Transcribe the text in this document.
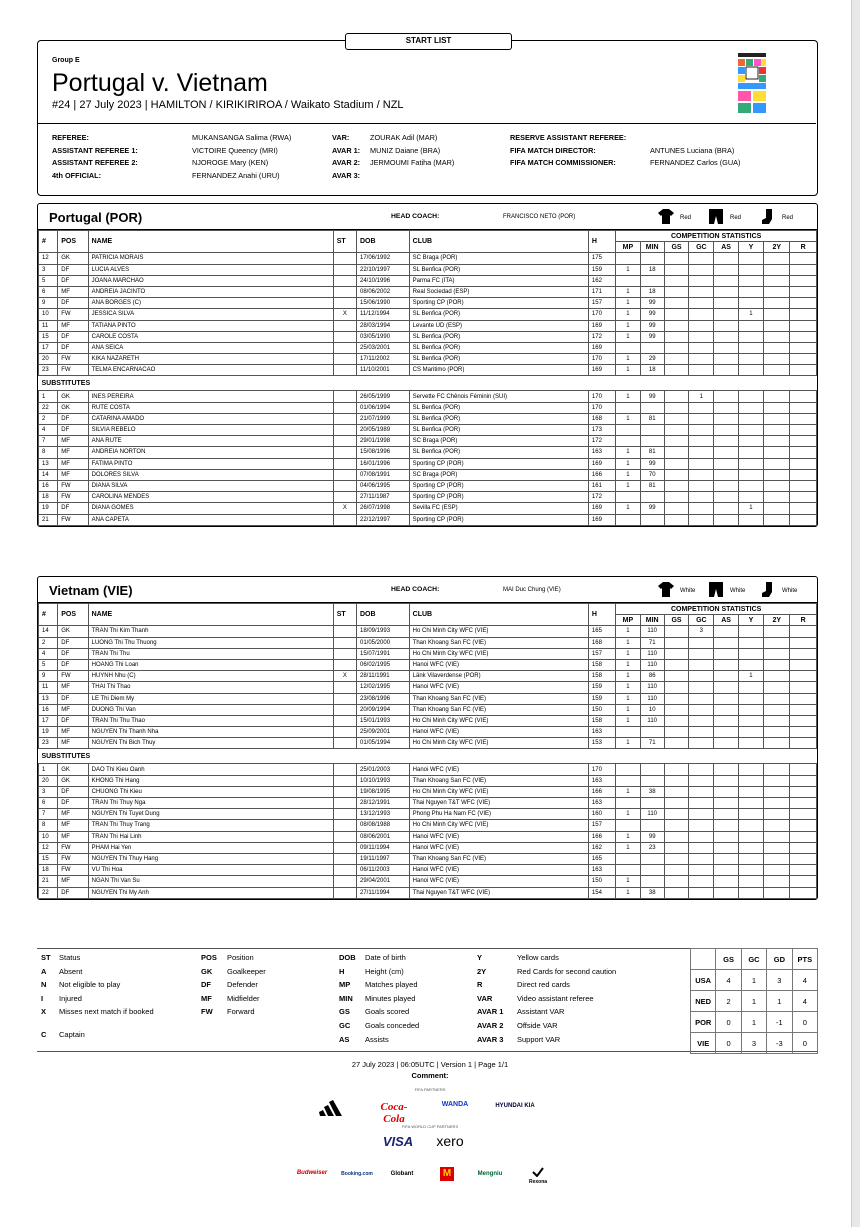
START LIST
Group E
Portugal v. Vietnam
#24 | 27 July 2023 | HAMILTON / KIRIKIRIROA / Waikato Stadium / NZL
REFEREE:	MUKANSANGA Salima (RWA)
ASSISTANT REFEREE 1:	VICTOIRE Queency (MRI)
ASSISTANT REFEREE 2:	NJOROGE Mary (KEN)
4th OFFICIAL:	FERNANDEZ Anahi (URU)
VAR:	ZOURAK Adil (MAR)
AVAR 1: MUNIZ Daiane (BRA)
AVAR 2: JERMOUMI Fatiha (MAR)
AVAR 3:
RESERVE ASSISTANT REFEREE:
FIFA MATCH DIRECTOR:	ANTUNES Luciana (BRA)
FIFA MATCH COMMISSIONER:	FERNANDEZ Carlos (GUA)
Portugal (POR)	HEAD COACH:	FRANCISCO NETO (POR)	Red	Red	Red
#	POS	NAME	ST	DOB	CLUB	H	COMPETITION STATISTICS							
							MP	MIN	GS	GC	AS	Y	2Y	R
12	GK	PATRICIA MORAIS		17/06/1992	SC Braga (POR)	175								
3	DF	LUCIA ALVES		22/10/1997	SL Benfica (POR)	159	1	18						
5	DF	JOANA MARCHAO		24/10/1996	Parma FC (ITA)	162								
6	MF	ANDREIA JACINTO		08/06/2002	Real Sociedad (ESP)	171	1	18						
9	DF	ANA BORGES (C)		15/06/1990	Sporting CP (POR)	157	1	99						
10	FW	JESSICA SILVA	X	11/12/1994	SL Benfica (POR)	170	1	99				1		
11	MF	TATIANA PINTO		28/03/1994	Levante UD (ESP)	169	1	99						
15	DF	CAROLE COSTA		03/05/1990	SL Benfica (POR)	172	1	99						
17	DF	ANA SEICA		25/03/2001	SL Benfica (POR)	169								
20	FW	KIKA NAZARETH		17/11/2002	SL Benfica (POR)	170	1	29						
23	FW	TELMA ENCARNACAO		11/10/2001	CS Maritimo (POR)	169	1	18						
SUBSTITUTES														
1	GK	INES PEREIRA		26/05/1999	Servette FC Chênois Féminin (SUI)	170	1	99		1				
22	GK	RUTE COSTA		01/06/1994	SL Benfica (POR)	170								
2	DF	CATARINA AMADO		21/07/1999	SL Benfica (POR)	168	1	81						
4	DF	SILVIA REBELO		20/05/1989	SL Benfica (POR)	173								
7	MF	ANA RUTE		29/01/1998	SC Braga (POR)	172								
8	MF	ANDREIA NORTON		15/08/1996	SL Benfica (POR)	163	1	81						
13	MF	FATIMA PINTO		16/01/1996	Sporting CP (POR)	169	1	99						
14	MF	DOLORES SILVA		07/08/1991	SC Braga (POR)	166	1	70						
16	FW	DIANA SILVA		04/06/1995	Sporting CP (POR)	161	1	81						
18	FW	CAROLINA MENDES		27/11/1987	Sporting CP (POR)	172								
19	DF	DIANA GOMES	X	26/07/1998	Sevilla FC (ESP)	169	1	99				1		
21	FW	ANA CAPETA		22/12/1997	Sporting CP (POR)	169								
Vietnam (VIE)	HEAD COACH:	MAI Duc Chung (VIE)	White	White	White
#	POS	NAME	ST	DOB	CLUB	H	COMPETITION STATISTICS							
							MP	MIN	GS	GC	AS	Y	2Y	R
14	GK	TRAN Thi Kim Thanh		18/09/1993	Ho Chi Minh City WFC (VIE)	165	1	110		3				
2	DF	LUONG Thi Thu Thuong		01/05/2000	Than Khoang San FC (VIE)	168	1	71						
4	DF	TRAN Thi Thu		15/07/1991	Ho Chi Minh City WFC (VIE)	157	1	110						
5	DF	HOANG Thi Loan		06/02/1995	Hanoi WFC (VIE)	158	1	110						
9	FW	HUYNH Nhu (C)	X	28/11/1991	Länk Vilaverdense (POR)	158	1	86				1		
11	MF	THAI Thi Thao		12/02/1995	Hanoi WFC (VIE)	159	1	110						
13	DF	LE Thi Diem My		23/08/1996	Than Khoang San FC (VIE)	159	1	110						
16	MF	DUONG Thi Van		20/09/1994	Than Khoang San FC (VIE)	150	1	10						
17	DF	TRAN Thi Thu Thao		15/01/1993	Ho Chi Minh City WFC (VIE)	158	1	110						
19	MF	NGUYEN Thi Thanh Nha		25/09/2001	Hanoi WFC (VIE)	163								
23	MF	NGUYEN Thi Bich Thuy		01/05/1994	Ho Chi Minh City WFC (VIE)	153	1	71						
SUBSTITUTES														
1	GK	DAO Thi Kieu Oanh		25/01/2003	Hanoi WFC (VIE)	170								
20	GK	KHONG Thi Hang		10/10/1993	Than Khoang San FC (VIE)	163								
3	DF	CHUONG Thi Kieu		19/08/1995	Ho Chi Minh City WFC (VIE)	166	1	38						
6	DF	TRAN Thi Thuy Nga		28/12/1991	Thai Nguyen T&T WFC (VIE)	163								
7	MF	NGUYEN Thi Tuyet Dung		13/12/1993	Phong Phu Ha Nam FC (VIE)	160	1	110						
8	MF	TRAN Thi Thuy Trang		08/08/1988	Ho Chi Minh City WFC (VIE)	157								
10	MF	TRAN Thi Hai Linh		08/06/2001	Hanoi WFC (VIE)	166	1	99						
12	FW	PHAM Hai Yen		09/11/1994	Hanoi WFC (VIE)	162	1	23						
15	FW	NGUYEN Thi Thuy Hang		19/11/1997	Than Khoang San FC (VIE)	165								
18	FW	VU Thi Hoa		06/11/2003	Hanoi WFC (VIE)	163								
21	MF	NGAN Thi Van Su		29/04/2001	Hanoi WFC (VIE)	150	1							
22	DF	NGUYEN Thi My Anh		27/11/1994	Thai Nguyen T&T WFC (VIE)	154	1	38						
ST Status
A Absent
N Not eligible to play
I Injured
X Misses next match if booked
C Captain
POS Position
GK Goalkeeper
DF Defender
MF Midfielder
FW Forward
DOB Date of birth
H	Height (cm)
MP Matches played
MIN Minutes played
GS Goals scored
GC Goals conceded
AS Assists
Y	Yellow cards
2Y	Red Cards for second caution
R	Direct red cards
VAR	Video assistant referee
AVAR 1 Assistant VAR
AVAR 2 Offside VAR
AVAR 3 Support VAR
	GS	GC	GD	PTS
USA	4	1	3	4
NED	2	1	1	4
POR	0	1	-1	0
VIE	0	3	-3	0
27 July 2023 | 06:05UTC | Version 1 | Page 1/1
Comment:
FIFA PARTNERS
Coca-Cola
WANDA	HYUNDAI KIA
FIFA WORLD CUP PARTNERS
VISA	xero
Budweiser	Booking.com	Globant	M	Mengniu
Rexona
